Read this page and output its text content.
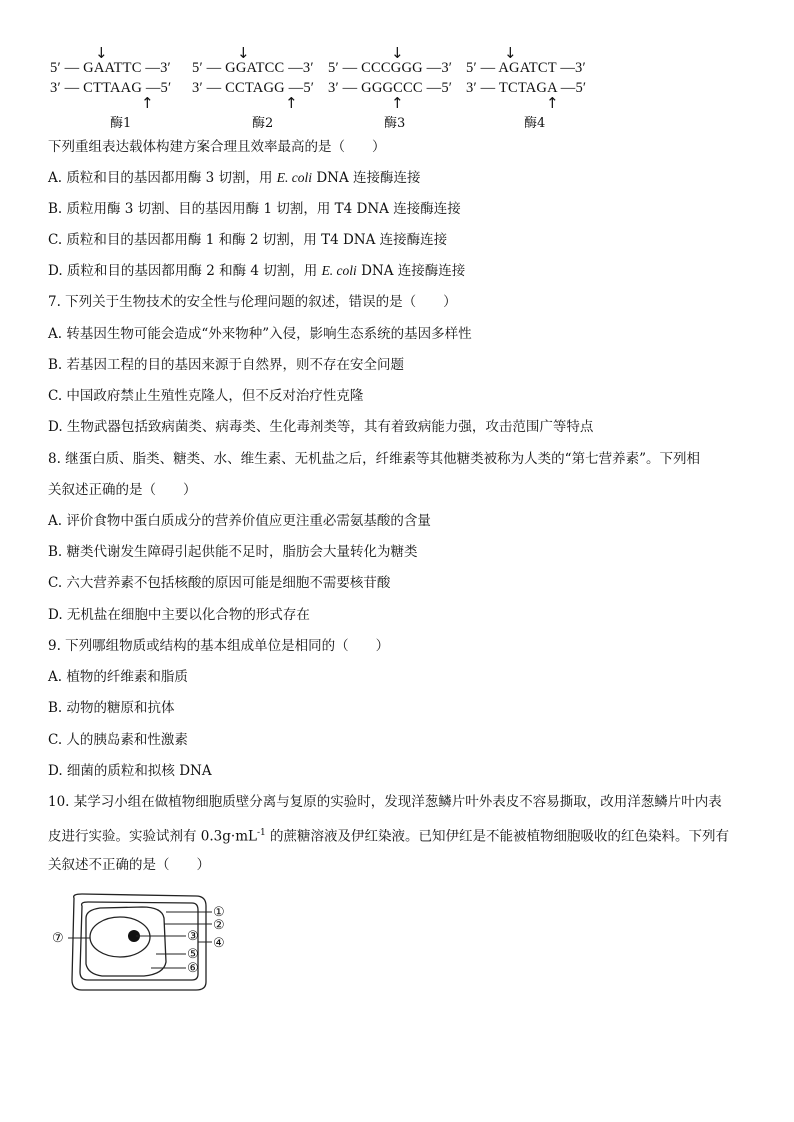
↓
5′ — GAATTC —3′
3′ — CTTAAG —5′
↑
酶1
↓
5′ — GGATCC —3′
3′ — CCTAGG —5′
↑
酶2
↓
5′ — CCCGGG —3′
3′ — GGGCCC —5′
↑
酶3
↓
5′ — AGATCT —3′
3′ — TCTAGA —5′
↑
酶4
下列重组表达载体构建方案合理且效率最高的是（　　）
A. 质粒和目的基因都用酶 3 切割，用 E. coli DNA 连接酶连接
B. 质粒用酶 3 切割、目的基因用酶 1 切割，用 T4 DNA 连接酶连接
C. 质粒和目的基因都用酶 1 和酶 2 切割，用 T4 DNA 连接酶连接
D. 质粒和目的基因都用酶 2 和酶 4 切割，用 E. coli DNA 连接酶连接
7. 下列关于生物技术的安全性与伦理问题的叙述，错误的是（　　）
A. 转基因生物可能会造成“外来物种”入侵，影响生态系统的基因多样性
B. 若基因工程的目的基因来源于自然界，则不存在安全问题
C. 中国政府禁止生殖性克隆人，但不反对治疗性克隆
D. 生物武器包括致病菌类、病毒类、生化毒剂类等，其有着致病能力强，攻击范围广等特点
8. 继蛋白质、脂类、糖类、水、维生素、无机盐之后，纤维素等其他糖类被称为人类的“第七营养素”。下列相
关叙述正确的是（　　）
A. 评价食物中蛋白质成分的营养价值应更注重必需氨基酸的含量
B. 糖类代谢发生障碍引起供能不足时，脂肪会大量转化为糖类
C. 六大营养素不包括核酸的原因可能是细胞不需要核苷酸
D. 无机盐在细胞中主要以化合物的形式存在
9. 下列哪组物质或结构的基本组成单位是相同的（　　）
A. 植物的纤维素和脂质
B. 动物的糖原和抗体
C. 人的胰岛素和性激素
D. 细菌的质粒和拟核 DNA
10. 某学习小组在做植物细胞质壁分离与复原的实验时，发现洋葱鳞片叶外表皮不容易撕取，改用洋葱鳞片叶内表
皮进行实验。实验试剂有 $0.3g\cdot mL^{-1}$ 的蔗糖溶液及伊红染液。已知伊红是不能被植物细胞吸收的红色染料。下列有
关叙述不正确的是（　　）
①
②
③ ④
⑤
⑥
⑦
